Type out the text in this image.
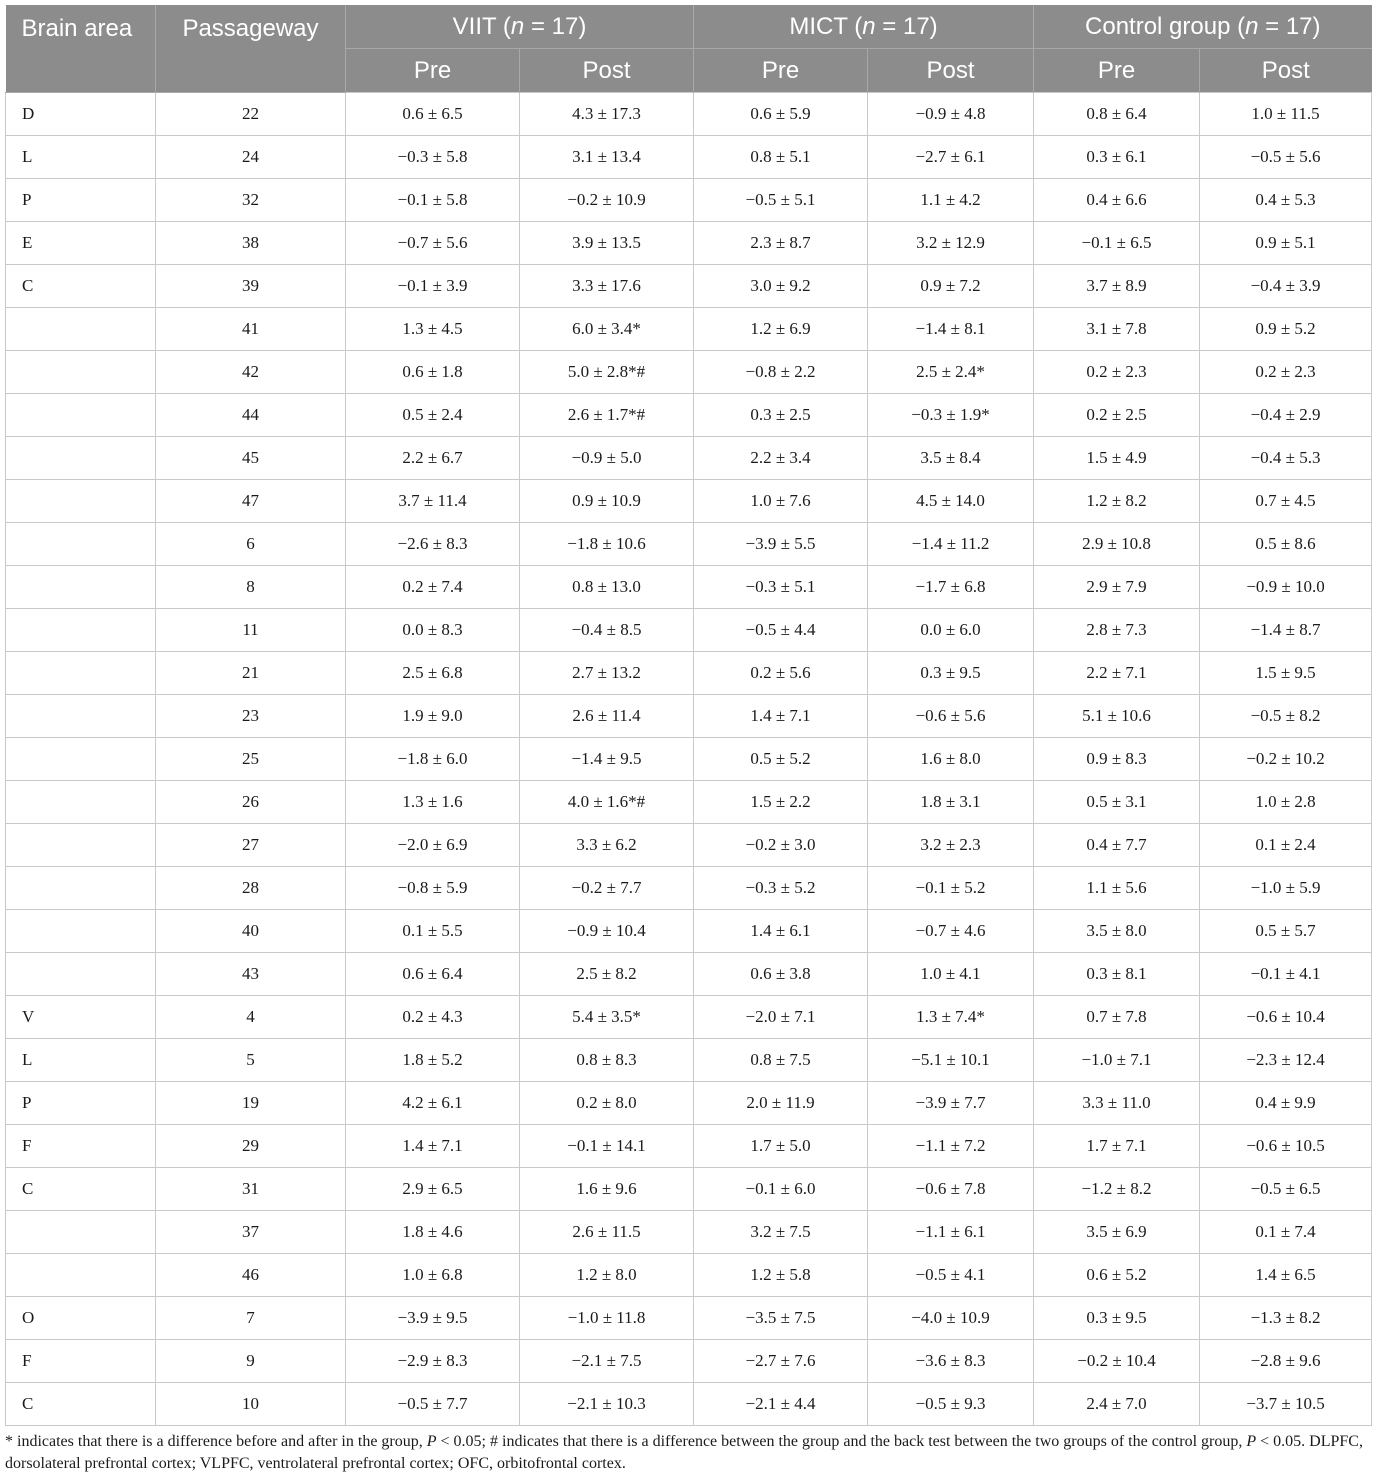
Brain area	Passageway	VIIT (n = 17)		MICT (n = 17)		Control group (n = 17)	
		Pre	Post	Pre	Post	Pre	Post
D	22	0.6 ± 6.5	4.3 ± 17.3	0.6 ± 5.9	−0.9 ± 4.8	0.8 ± 6.4	1.0 ± 11.5
L	24	−0.3 ± 5.8	3.1 ± 13.4	0.8 ± 5.1	−2.7 ± 6.1	0.3 ± 6.1	−0.5 ± 5.6
P	32	−0.1 ± 5.8	−0.2 ± 10.9	−0.5 ± 5.1	1.1 ± 4.2	0.4 ± 6.6	0.4 ± 5.3
E	38	−0.7 ± 5.6	3.9 ± 13.5	2.3 ± 8.7	3.2 ± 12.9	−0.1 ± 6.5	0.9 ± 5.1
C	39	−0.1 ± 3.9	3.3 ± 17.6	3.0 ± 9.2	0.9 ± 7.2	3.7 ± 8.9	−0.4 ± 3.9
	41	1.3 ± 4.5	6.0 ± 3.4*	1.2 ± 6.9	−1.4 ± 8.1	3.1 ± 7.8	0.9 ± 5.2
	42	0.6 ± 1.8	5.0 ± 2.8*#	−0.8 ± 2.2	2.5 ± 2.4*	0.2 ± 2.3	0.2 ± 2.3
	44	0.5 ± 2.4	2.6 ± 1.7*#	0.3 ± 2.5	−0.3 ± 1.9*	0.2 ± 2.5	−0.4 ± 2.9
	45	2.2 ± 6.7	−0.9 ± 5.0	2.2 ± 3.4	3.5 ± 8.4	1.5 ± 4.9	−0.4 ± 5.3
	47	3.7 ± 11.4	0.9 ± 10.9	1.0 ± 7.6	4.5 ± 14.0	1.2 ± 8.2	0.7 ± 4.5
	6	−2.6 ± 8.3	−1.8 ± 10.6	−3.9 ± 5.5	−1.4 ± 11.2	2.9 ± 10.8	0.5 ± 8.6
	8	0.2 ± 7.4	0.8 ± 13.0	−0.3 ± 5.1	−1.7 ± 6.8	2.9 ± 7.9	−0.9 ± 10.0
	11	0.0 ± 8.3	−0.4 ± 8.5	−0.5 ± 4.4	0.0 ± 6.0	2.8 ± 7.3	−1.4 ± 8.7
	21	2.5 ± 6.8	2.7 ± 13.2	0.2 ± 5.6	0.3 ± 9.5	2.2 ± 7.1	1.5 ± 9.5
	23	1.9 ± 9.0	2.6 ± 11.4	1.4 ± 7.1	−0.6 ± 5.6	5.1 ± 10.6	−0.5 ± 8.2
	25	−1.8 ± 6.0	−1.4 ± 9.5	0.5 ± 5.2	1.6 ± 8.0	0.9 ± 8.3	−0.2 ± 10.2
	26	1.3 ± 1.6	4.0 ± 1.6*#	1.5 ± 2.2	1.8 ± 3.1	0.5 ± 3.1	1.0 ± 2.8
	27	−2.0 ± 6.9	3.3 ± 6.2	−0.2 ± 3.0	3.2 ± 2.3	0.4 ± 7.7	0.1 ± 2.4
	28	−0.8 ± 5.9	−0.2 ± 7.7	−0.3 ± 5.2	−0.1 ± 5.2	1.1 ± 5.6	−1.0 ± 5.9
	40	0.1 ± 5.5	−0.9 ± 10.4	1.4 ± 6.1	−0.7 ± 4.6	3.5 ± 8.0	0.5 ± 5.7
	43	0.6 ± 6.4	2.5 ± 8.2	0.6 ± 3.8	1.0 ± 4.1	0.3 ± 8.1	−0.1 ± 4.1
V	4	0.2 ± 4.3	5.4 ± 3.5*	−2.0 ± 7.1	1.3 ± 7.4*	0.7 ± 7.8	−0.6 ± 10.4
L	5	1.8 ± 5.2	0.8 ± 8.3	0.8 ± 7.5	−5.1 ± 10.1	−1.0 ± 7.1	−2.3 ± 12.4
P	19	4.2 ± 6.1	0.2 ± 8.0	2.0 ± 11.9	−3.9 ± 7.7	3.3 ± 11.0	0.4 ± 9.9
F	29	1.4 ± 7.1	−0.1 ± 14.1	1.7 ± 5.0	−1.1 ± 7.2	1.7 ± 7.1	−0.6 ± 10.5
C	31	2.9 ± 6.5	1.6 ± 9.6	−0.1 ± 6.0	−0.6 ± 7.8	−1.2 ± 8.2	−0.5 ± 6.5
	37	1.8 ± 4.6	2.6 ± 11.5	3.2 ± 7.5	−1.1 ± 6.1	3.5 ± 6.9	0.1 ± 7.4
	46	1.0 ± 6.8	1.2 ± 8.0	1.2 ± 5.8	−0.5 ± 4.1	0.6 ± 5.2	1.4 ± 6.5
O	7	−3.9 ± 9.5	−1.0 ± 11.8	−3.5 ± 7.5	−4.0 ± 10.9	0.3 ± 9.5	−1.3 ± 8.2
F	9	−2.9 ± 8.3	−2.1 ± 7.5	−2.7 ± 7.6	−3.6 ± 8.3	−0.2 ± 10.4	−2.8 ± 9.6
C	10	−0.5 ± 7.7	−2.1 ± 10.3	−2.1 ± 4.4	−0.5 ± 9.3	2.4 ± 7.0	−3.7 ± 10.5
* indicates that there is a difference before and after in the group, P < 0.05; # indicates that there is a difference between the group and the back test between the two groups of the control group, P < 0.05. DLPFC, dorsolateral prefrontal cortex; VLPFC, ventrolateral prefrontal cortex; OFC, orbitofrontal cortex.
